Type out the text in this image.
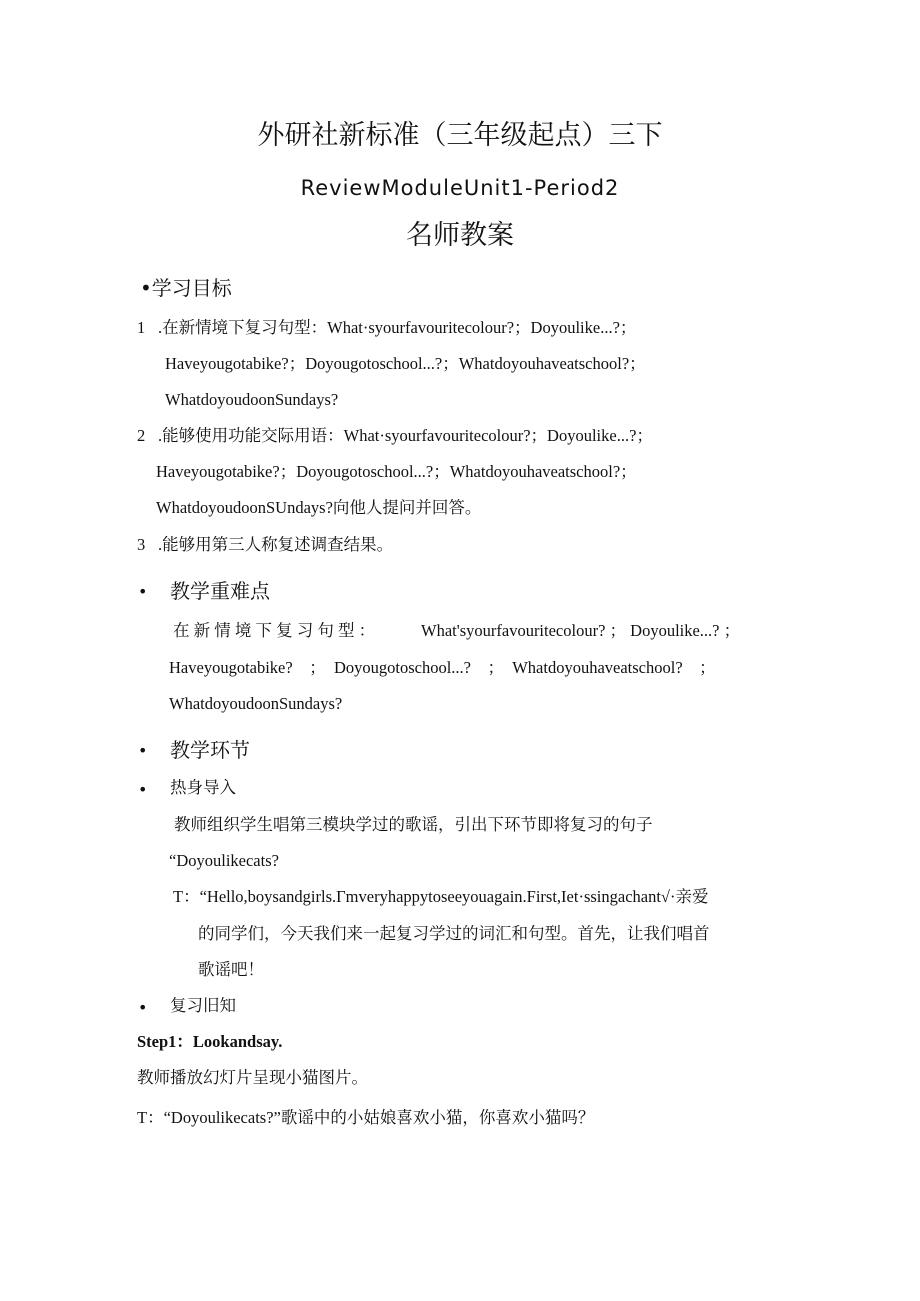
外研社新标准（三年级起点）三下
ReviewModuleUnit1-Period2
名师教案
•学习目标
1 .在新情境下复习句型：What·syourfavouritecolour?；Doyoulike...?；
Haveyougotabike?；Doyougotoschool...?；Whatdoyouhaveatschool?；
WhatdoyoudoonSundays?
2 .能够使用功能交际用语：What·syourfavouritecolour?；Doyoulike...?；
Haveyougotabike?；Doyougotoschool...?；Whatdoyouhaveatschool?；
WhatdoyoudoonSUndays?向他人提问并回答。
3 .能够用第三人称复述调查结果。
• 教学重难点
在 新 情 境 下 复 习 句 型 ：	What'syourfavouritecolour? ； Doyoulike...? ；
Haveyougotabike?　；　Doyougotoschool...?　；　Whatdoyouhaveatschool?　；
WhatdoyoudoonSundays?
• 教学环节
• 热身导入
教师组织学生唱第三模块学过的歌谣，引出下环节即将复习的句子
“Doyoulikecats?
T：“Hello,boysandgirls.Γmveryhappytoseeyouagain.First,Iet·ssingachant√·亲爱
的同学们，今天我们来一起复习学过的词汇和句型。首先，让我们唱首
歌谣吧！
• 复习旧知
Step1：Lookandsay.
教师播放幻灯片呈现小猫图片。
T：“Doyoulikecats?”歌谣中的小姑娘喜欢小猫，你喜欢小猫吗？
